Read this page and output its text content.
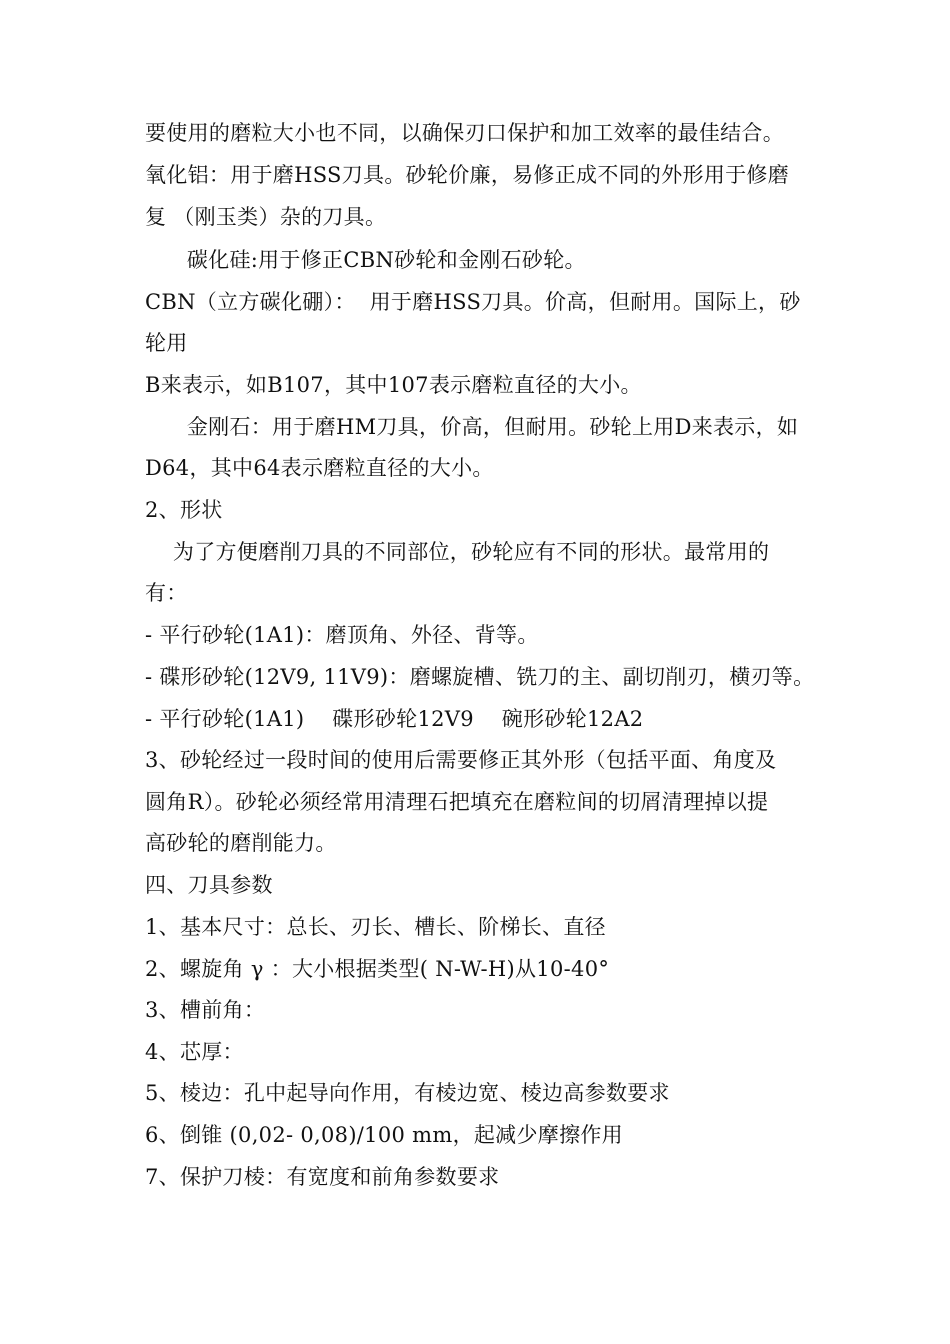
要使用的磨粒大小也不同，以确保刃口保护和加工效率的最佳结合。
氧化铝：用于磨HSS刀具。砂轮价廉，易修正成不同的外形用于修磨
复 （刚玉类）杂的刀具。
碳化硅:用于修正CBN砂轮和金刚石砂轮。
CBN（立方碳化硼）：  用于磨HSS刀具。价高，但耐用。国际上，砂
轮用
B来表示，如B107，其中107表示磨粒直径的大小。
金刚石：用于磨HM刀具，价高，但耐用。砂轮上用D来表示，如
D64，其中64表示磨粒直径的大小。
2、形状
为了方便磨削刀具的不同部位，砂轮应有不同的形状。最常用的
有：
- 平行砂轮(1A1)：磨顶角、外径、背等。
- 碟形砂轮(12V9, 11V9)：磨螺旋槽、铣刀的主、副切削刃，横刃等。
- 平行砂轮(1A1)    碟形砂轮12V9    碗形砂轮12A2
3、砂轮经过一段时间的使用后需要修正其外形（包括平面、角度及
圆角R）。砂轮必须经常用清理石把填充在磨粒间的切屑清理掉以提
高砂轮的磨削能力。
四、刀具参数
1、基本尺寸：总长、刃长、槽长、阶梯长、直径
2、螺旋角 γ ：大小根据类型( N-W-H)从10-40°
3、槽前角：
4、芯厚：
5、棱边：孔中起导向作用，有棱边宽、棱边高参数要求
6、倒锥 (0,02- 0,08)/100 mm，起减少摩擦作用
7、保护刀棱：有宽度和前角参数要求
